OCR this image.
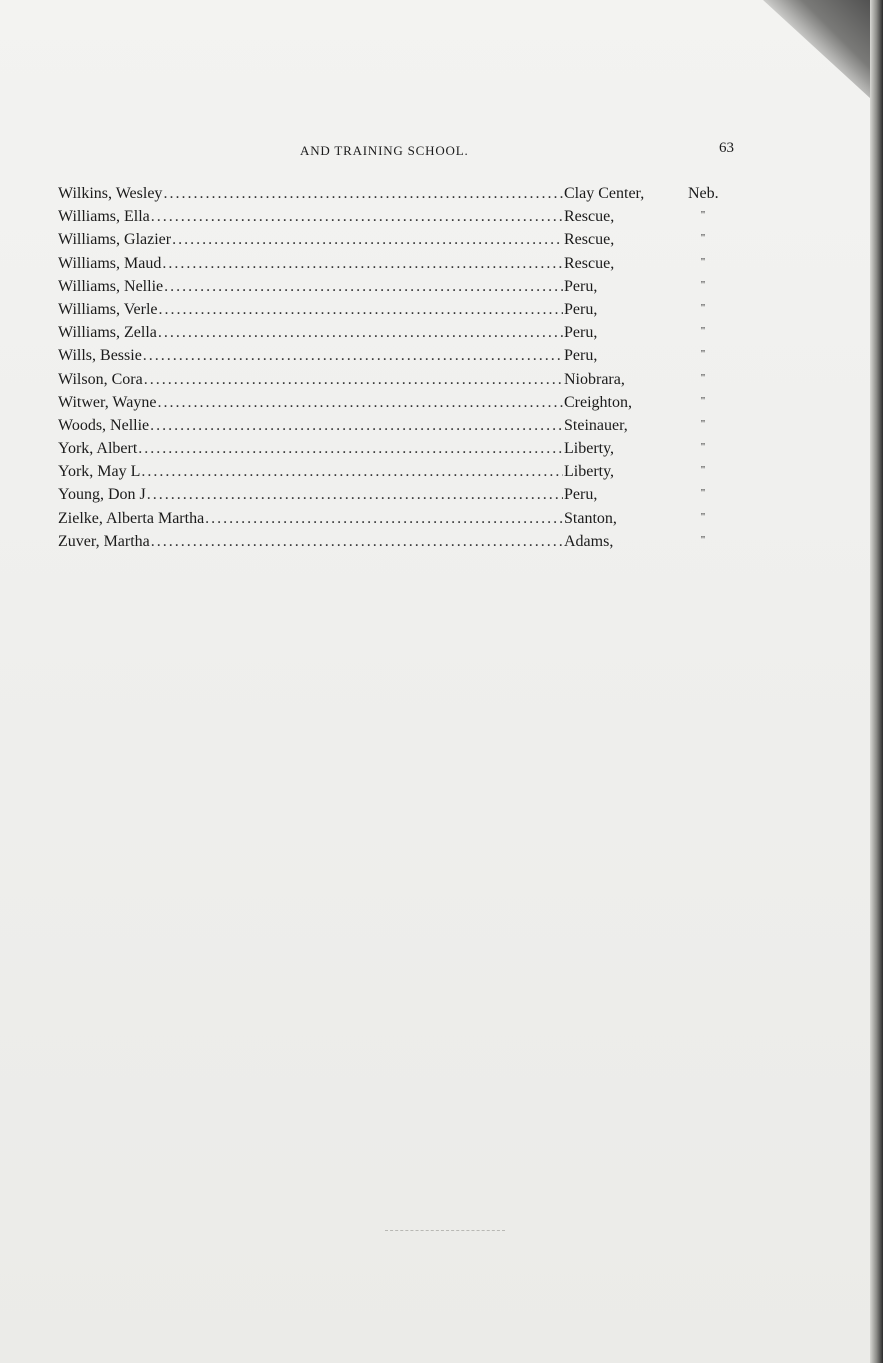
AND TRAINING SCHOOL.	63
Wilkins, Wesley .....	Clay Center,	Neb.
Williams, Ella .....	Rescue,	"
Williams, Glazier .....	Rescue,	"
Williams, Maud .....	Rescue,	"
Williams, Nellie .....	Peru,	"
Williams, Verle .....	Peru,	"
Williams, Zella .....	Peru,	"
Wills, Bessie .....	Peru,	"
Wilson, Cora .....	Niobrara,	"
Witwer, Wayne .....	Creighton,	"
Woods, Nellie .....	Steinauer,	"
York, Albert .....	Liberty,	"
York, May L .....	Liberty,	"
Young, Don J .....	Peru,	"
Zielke, Alberta Martha .....	Stanton,	"
Zuver, Martha .....	Adams,	"
